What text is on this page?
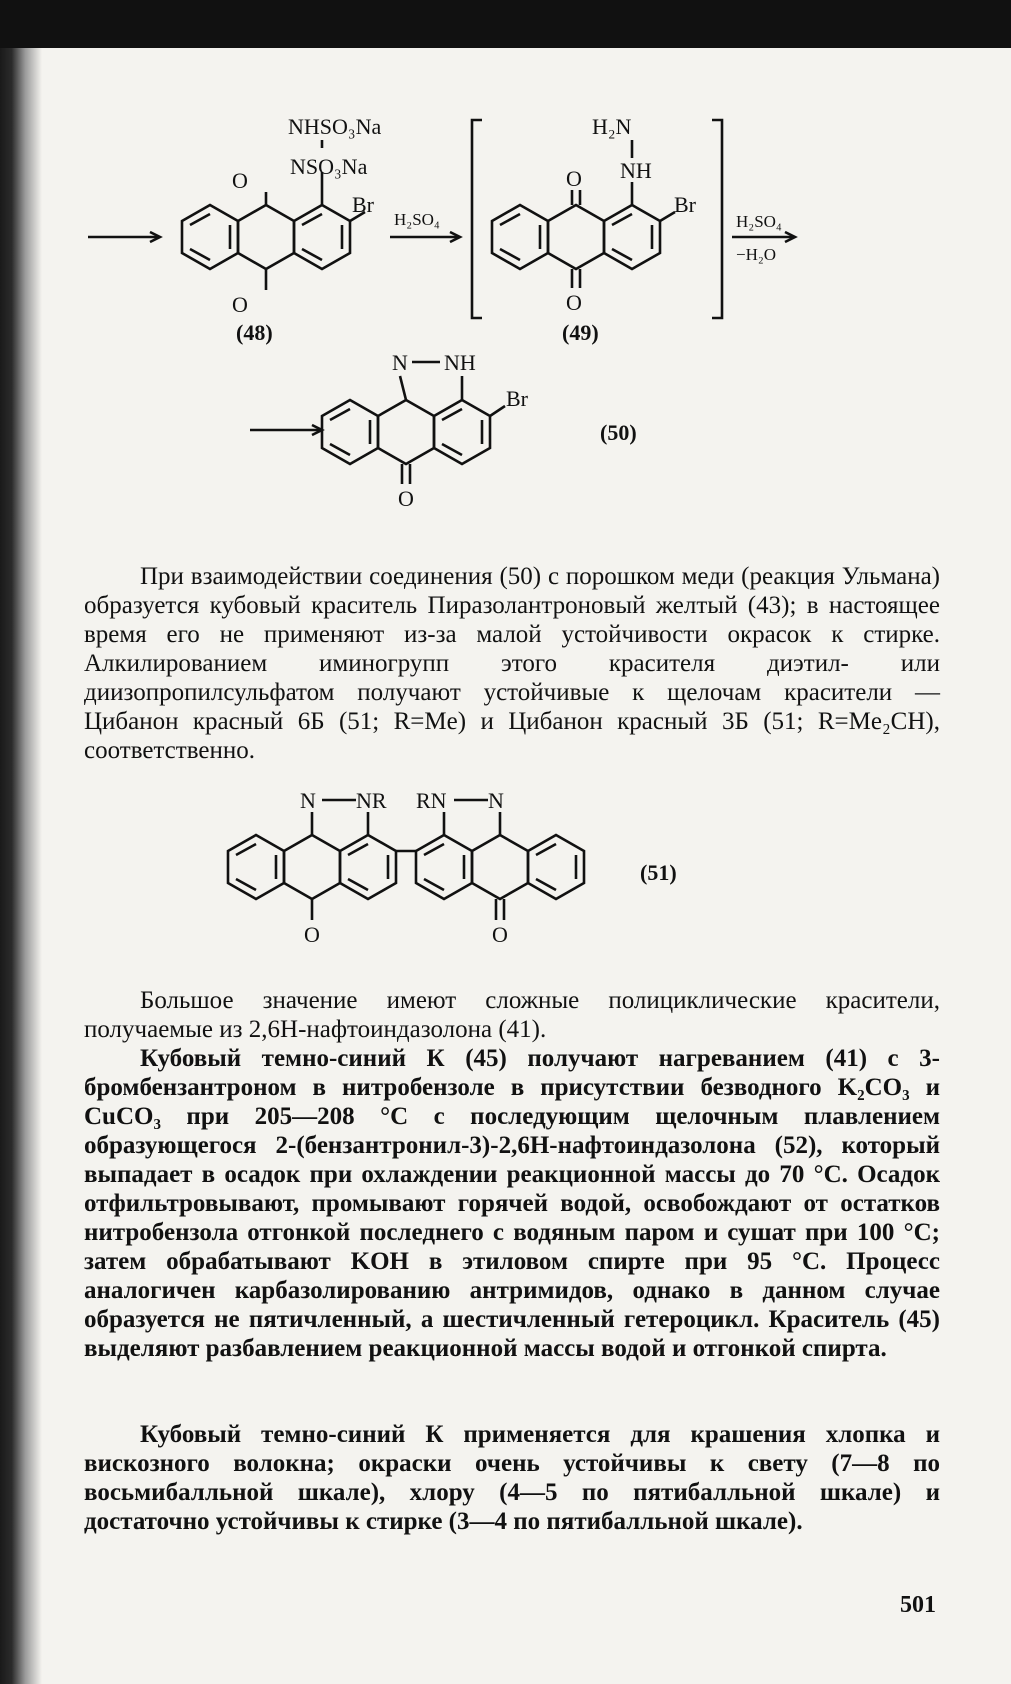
NHSO₃Na
NSO₃Na
O
O
Br
(48)
H₂SO₄
H₂N
NH
O
O
Br
(49)
H₂SO₄
−H₂O
N NH
Br
O
(50)
N NR RN N
O	O
(51)

При взаимодействии соединения (50) с порошком меди (реакция Ульмана) образуется кубовый краситель Пиразолантроновый желтый (43); в настоящее время его не применяют из-за малой устойчивости окрасок к стирке. Алкилированием иминогрупп этого красителя диэтил- или диизопропилсульфатом получают устойчивые к щелочам красители — Цибанон красный 6Б (51; R=Me) и Цибанон красный 3Б (51; R=Me₂CH), соответственно.

Большое значение имеют сложные полициклические красители, получаемые из 2,6H-нафтоиндазолона (41).

Кубовый темно-синий К (45) получают нагреванием (41) с 3-бромбензантроном в нитробензоле в присутствии безводного K₂CO₃ и CuCO₃ при 205—208 °C с последующим щелочным плавлением образующегося 2-(бензантронил-3)-2,6H-нафтоиндазолона (52), который выпадает в осадок при охлаждении реакционной массы до 70 °C. Осадок отфильтровывают, промывают горячей водой, освобождают от остатков нитробензола отгонкой последнего с водяным паром и сушат при 100 °C; затем обрабатывают KOH в этиловом спирте при 95 °C. Процесс аналогичен карбазолированию антримидов, однако в данном случае образуется не пятичленный, а шестичленный гетероцикл. Краситель (45) выделяют разбавлением реакционной массы водой и отгонкой спирта.

Кубовый темно-синий К применяется для крашения хлопка и вискозного волокна; окраски очень устойчивы к свету (7—8 по восьмибалльной шкале), хлору (4—5 по пятибалльной шкале) и достаточно устойчивы к стирке (3—4 по пятибалльной шкале).

501
